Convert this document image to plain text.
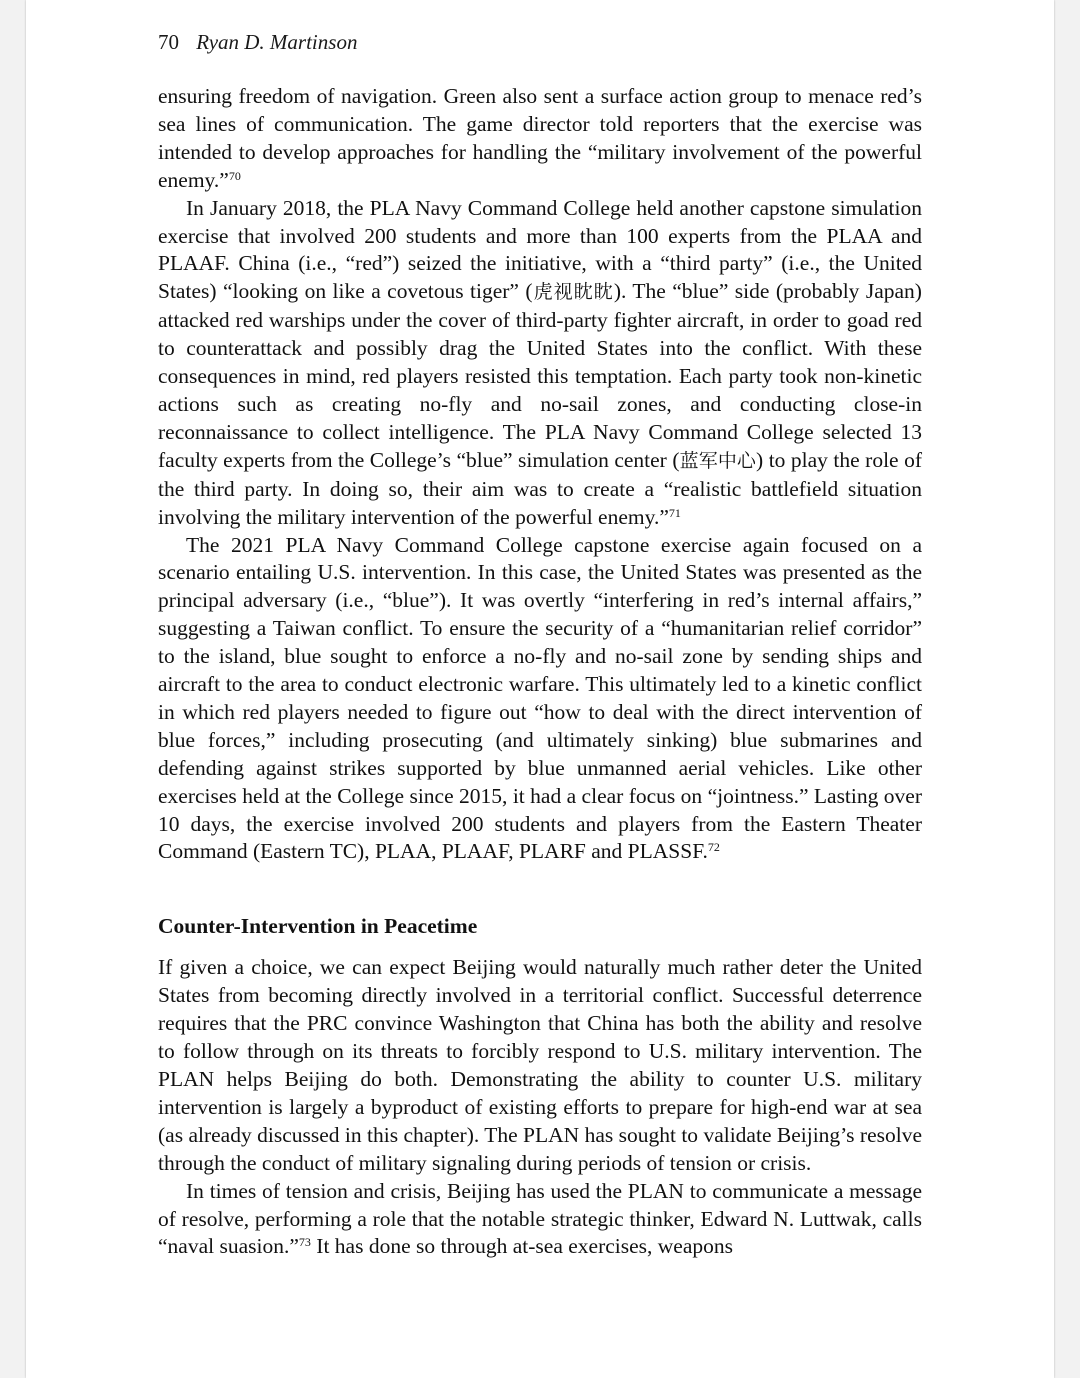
70 Ryan D. Martinson

ensuring freedom of navigation. Green also sent a surface action group to menace red’s sea lines of communication. The game director told reporters that the exercise was intended to develop approaches for handling the “military involvement of the powerful enemy.”$^{70}$

In January 2018, the PLA Navy Command College held another capstone simulation exercise that involved 200 students and more than 100 experts from the PLAA and PLAAF. China (i.e., “red”) seized the initiative, with a “third party” (i.e., the United States) “looking on like a covetous tiger” (虎视眈眈). The “blue” side (probably Japan) attacked red warships under the cover of third-party fighter aircraft, in order to goad red to counterattack and possibly drag the United States into the conflict. With these consequences in mind, red players resisted this temptation. Each party took non-kinetic actions such as creating no-fly and no-sail zones, and conducting close-in reconnaissance to collect intelligence. The PLA Navy Command College selected 13 faculty experts from the College’s “blue” simulation center (蓝军中心) to play the role of the third party. In doing so, their aim was to create a “realistic battlefield situation involving the military intervention of the powerful enemy.”$^{71}$

The 2021 PLA Navy Command College capstone exercise again focused on a scenario entailing U.S. intervention. In this case, the United States was presented as the principal adversary (i.e., “blue”). It was overtly “interfering in red’s internal affairs,” suggesting a Taiwan conflict. To ensure the security of a “humanitarian relief corridor” to the island, blue sought to enforce a no-fly and no-sail zone by sending ships and aircraft to the area to conduct electronic warfare. This ultimately led to a kinetic conflict in which red players needed to figure out “how to deal with the direct intervention of blue forces,” including prosecuting (and ultimately sinking) blue submarines and defending against strikes supported by blue unmanned aerial vehicles. Like other exercises held at the College since 2015, it had a clear focus on “jointness.” Lasting over 10 days, the exercise involved 200 students and players from the Eastern Theater Command (Eastern TC), PLAA, PLAAF, PLARF and PLASSF.$^{72}$

Counter-Intervention in Peacetime

If given a choice, we can expect Beijing would naturally much rather deter the United States from becoming directly involved in a territorial conflict. Successful deterrence requires that the PRC convince Washington that China has both the ability and resolve to follow through on its threats to forcibly respond to U.S. military intervention. The PLAN helps Beijing do both. Demonstrating the ability to counter U.S. military intervention is largely a byproduct of existing efforts to prepare for high-end war at sea (as already discussed in this chapter). The PLAN has sought to validate Beijing’s resolve through the conduct of military signaling during periods of tension or crisis.

In times of tension and crisis, Beijing has used the PLAN to communicate a message of resolve, performing a role that the notable strategic thinker, Edward N. Luttwak, calls “naval suasion.”$^{73}$ It has done so through at-sea exercises, weapons
